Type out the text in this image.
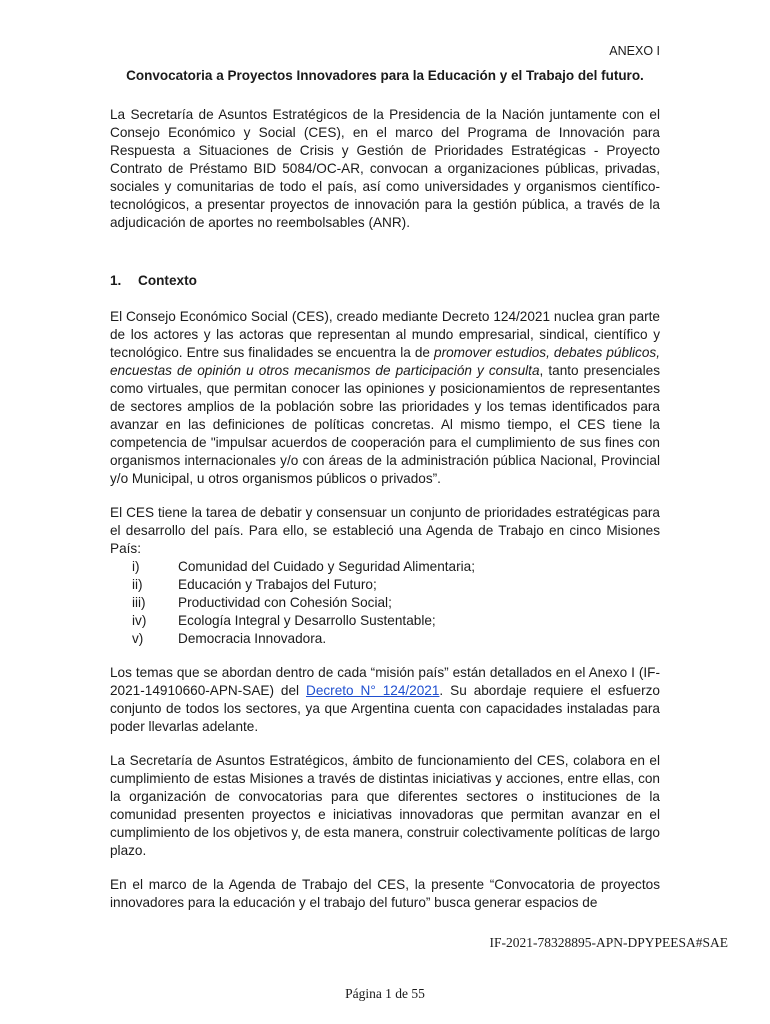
ANEXO I
Convocatoria a Proyectos Innovadores para la Educación y el Trabajo del futuro.

La Secretaría de Asuntos Estratégicos de la Presidencia de la Nación juntamente con el Consejo Económico y Social (CES), en el marco del Programa de Innovación para Respuesta a Situaciones de Crisis y Gestión de Prioridades Estratégicas - Proyecto Contrato de Préstamo BID 5084/OC-AR, convocan a organizaciones públicas, privadas, sociales y comunitarias de todo el país, así como universidades y organismos científico-tecnológicos, a presentar proyectos de innovación para la gestión pública, a través de la adjudicación de aportes no reembolsables (ANR).

1. Contexto

El Consejo Económico Social (CES), creado mediante Decreto 124/2021 nuclea gran parte de los actores y las actoras que representan al mundo empresarial, sindical, científico y tecnológico. Entre sus finalidades se encuentra la de promover estudios, debates públicos, encuestas de opinión u otros mecanismos de participación y consulta, tanto presenciales como virtuales, que permitan conocer las opiniones y posicionamientos de representantes de sectores amplios de la población sobre las prioridades y los temas identificados para avanzar en las definiciones de políticas concretas. Al mismo tiempo, el CES tiene la competencia de "impulsar acuerdos de cooperación para el cumplimiento de sus fines con organismos internacionales y/o con áreas de la administración pública Nacional, Provincial y/o Municipal, u otros organismos públicos o privados”.

El CES tiene la tarea de debatir y consensuar un conjunto de prioridades estratégicas para el desarrollo del país. Para ello, se estableció una Agenda de Trabajo en cinco Misiones País:

i)	Comunidad del Cuidado y Seguridad Alimentaria;
ii)	Educación y Trabajos del Futuro;
iii)	Productividad con Cohesión Social;
iv)	Ecología Integral y Desarrollo Sustentable;
v)	Democracia Innovadora.

Los temas que se abordan dentro de cada “misión país” están detallados en el Anexo I (IF-2021-14910660-APN-SAE) del Decreto N° 124/2021. Su abordaje requiere el esfuerzo conjunto de todos los sectores, ya que Argentina cuenta con capacidades instaladas para poder llevarlas adelante.

La Secretaría de Asuntos Estratégicos, ámbito de funcionamiento del CES, colabora en el cumplimiento de estas Misiones a través de distintas iniciativas y acciones, entre ellas, con la organización de convocatorias para que diferentes sectores o instituciones de la comunidad presenten proyectos e iniciativas innovadoras que permitan avanzar en el cumplimiento de los objetivos y, de esta manera, construir colectivamente políticas de largo plazo.

En el marco de la Agenda de Trabajo del CES, la presente “Convocatoria de proyectos innovadores para la educación y el trabajo del futuro” busca generar espacios de

IF-2021-78328895-APN-DPYPEESA#SAE
Página 1 de 55
